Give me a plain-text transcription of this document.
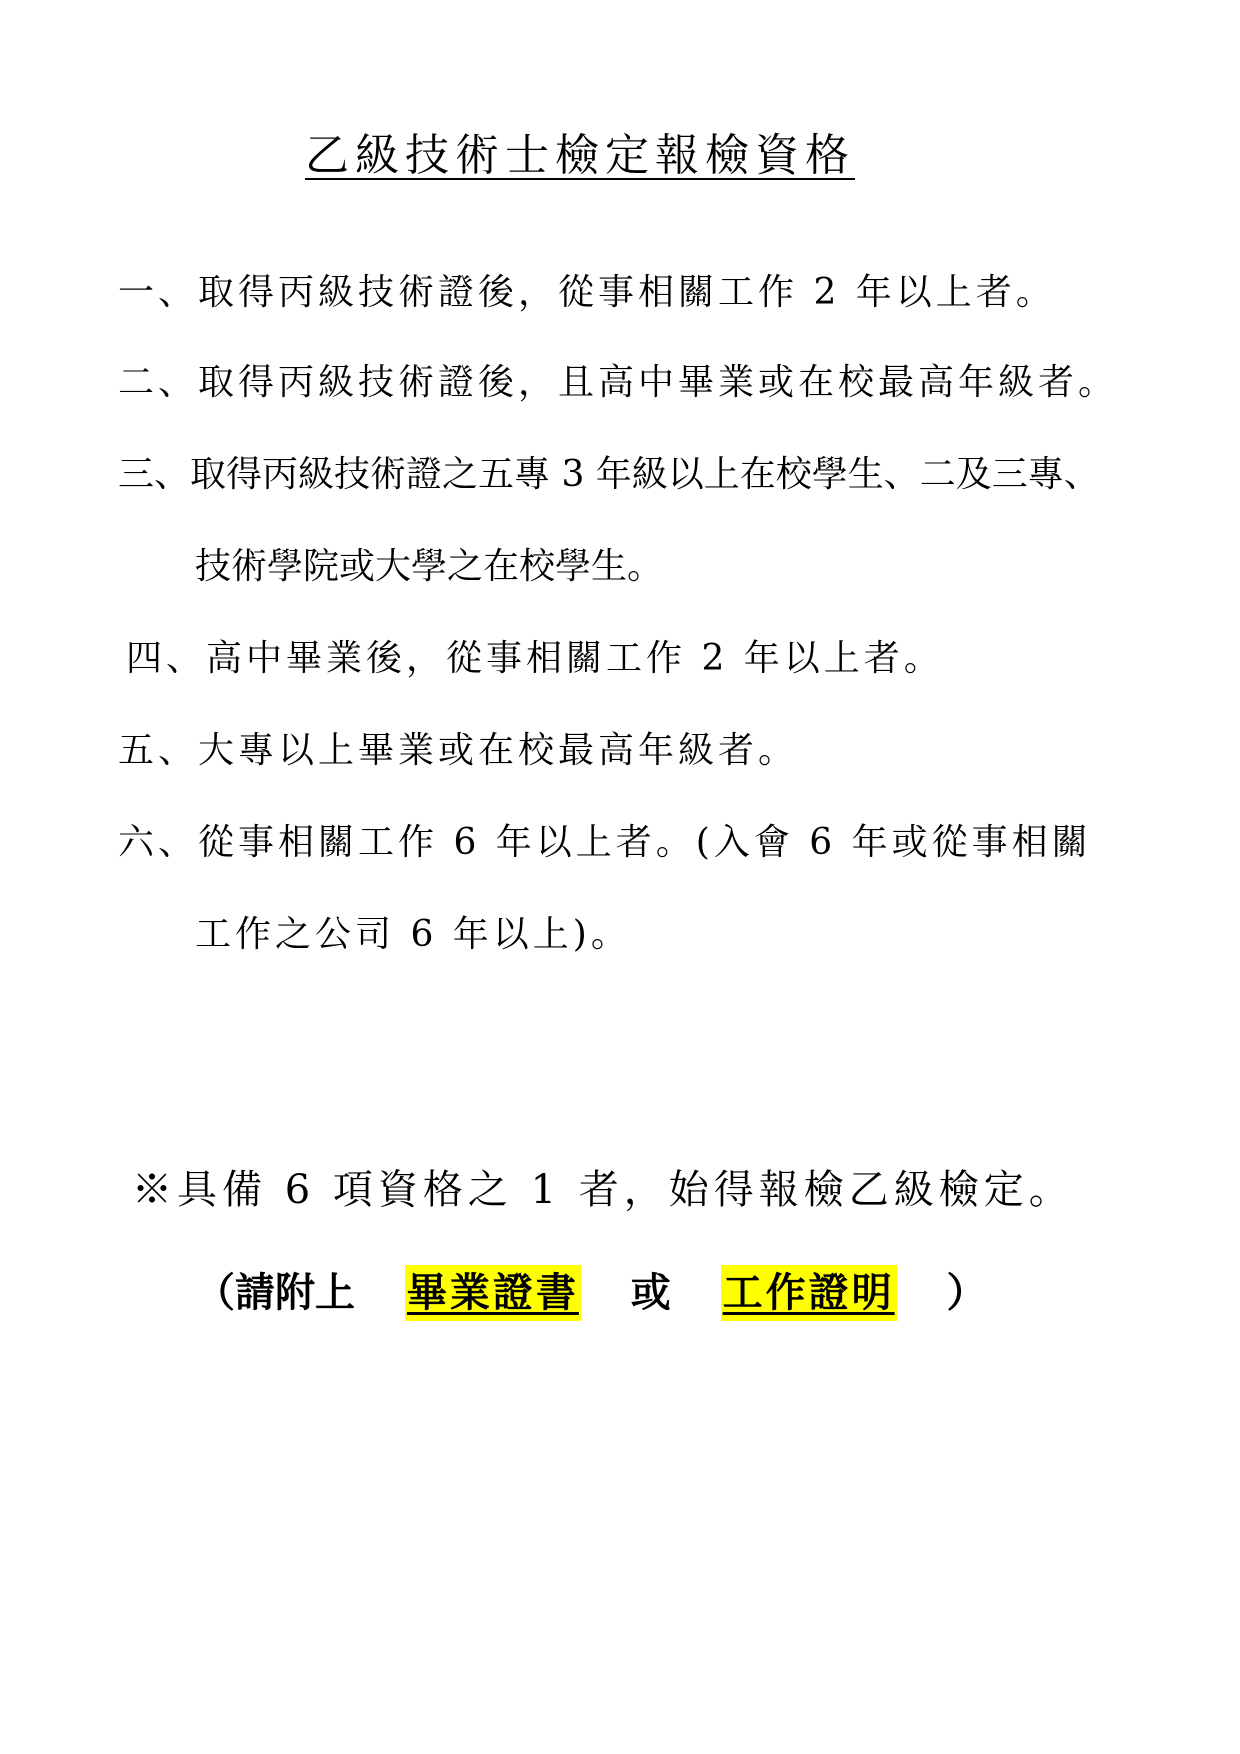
乙級技術士檢定報檢資格
一、取得丙級技術證後，從事相關工作 2 年以上者。
二、取得丙級技術證後，且高中畢業或在校最高年級者。
三、取得丙級技術證之五專 3 年級以上在校學生、二及三專、
技術學院或大學之在校學生。
四、高中畢業後，從事相關工作 2 年以上者。
五、大專以上畢業或在校最高年級者。
六、從事相關工作 6 年以上者。(入會 6 年或從事相關
工作之公司 6 年以上)。
※具備 6 項資格之 1 者，始得報檢乙級檢定。
（請附上 畢業證書 或 工作證明 ）
